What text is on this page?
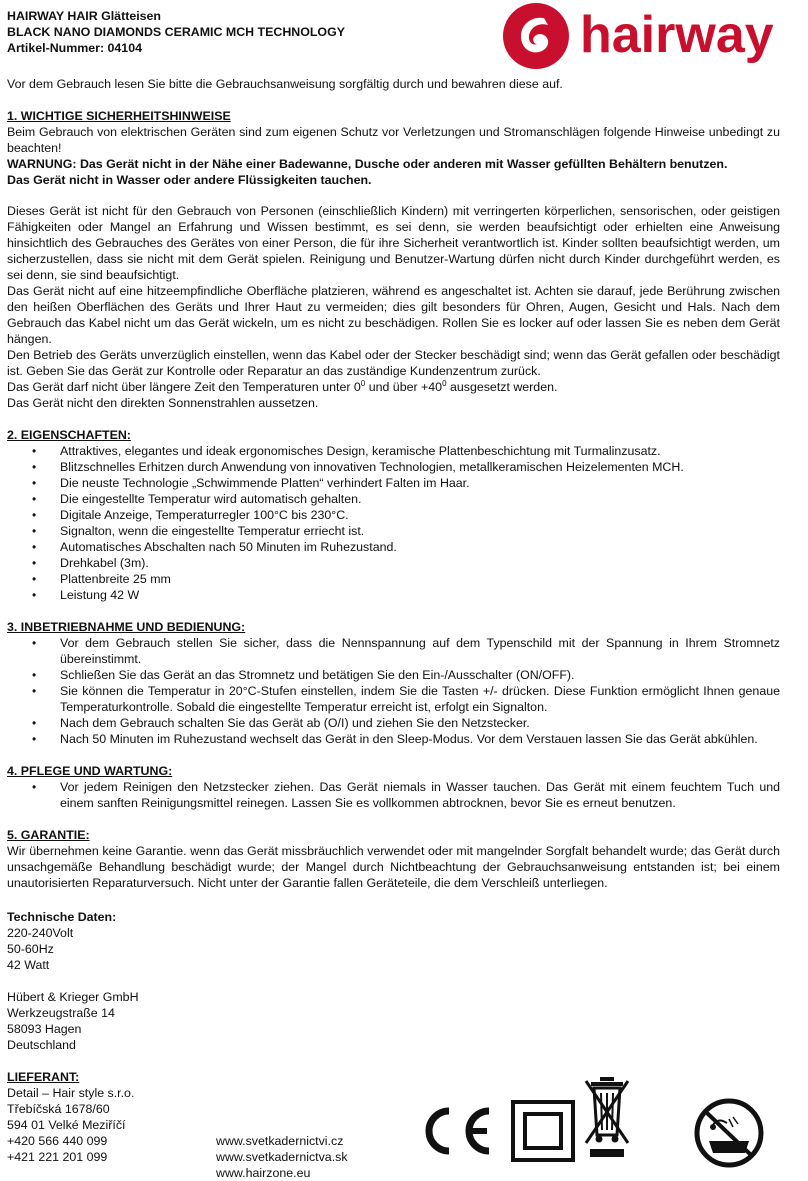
HAIRWAY HAIR Glätteisen
BLACK NANO DIAMONDS CERAMIC MCH TECHNOLOGY
Artikel-Nummer: 04104	hairway

Vor dem Gebrauch lesen Sie bitte die Gebrauchsanweisung sorgfältig durch und bewahren diese auf.

1. WICHTIGE SICHERHEITSHINWEISE

Beim Gebrauch von elektrischen Geräten sind zum eigenen Schutz vor Verletzungen und Stromanschlägen folgende Hinweise unbedingt zu beachten!

WARNUNG: Das Gerät nicht in der Nähe einer Badewanne, Dusche oder anderen mit Wasser gefüllten Behältern benutzen.

Das Gerät nicht in Wasser oder andere Flüssigkeiten tauchen.

Dieses Gerät ist nicht für den Gebrauch von Personen (einschließlich Kindern) mit verringerten körperlichen, sensorischen, oder geistigen Fähigkeiten oder Mangel an Erfahrung und Wissen bestimmt, es sei denn, sie werden beaufsichtigt oder erhielten eine Anweisung hinsichtlich des Gebrauches des Gerätes von einer Person, die für ihre Sicherheit verantwortlich ist. Kinder sollten beaufsichtigt werden, um sicherzustellen, dass sie nicht mit dem Gerät spielen. Reinigung und Benutzer-Wartung dürfen nicht durch Kinder durchgeführt werden, es sei denn, sie sind beaufsichtigt.

Das Gerät nicht auf eine hitzeempfindliche Oberfläche platzieren, während es angeschaltet ist. Achten sie darauf, jede Berührung zwischen den heißen Oberflächen des Geräts und Ihrer Haut zu vermeiden; dies gilt besonders für Ohren, Augen, Gesicht und Hals. Nach dem Gebrauch das Kabel nicht um das Gerät wickeln, um es nicht zu beschädigen. Rollen Sie es locker auf oder lassen Sie es neben dem Gerät hängen.

Den Betrieb des Geräts unverzüglich einstellen, wenn das Kabel oder der Stecker beschädigt sind; wenn das Gerät gefallen oder beschädigt ist. Geben Sie das Gerät zur Kontrolle oder Reparatur an das zuständige Kundenzentrum zurück.

Das Gerät darf nicht über längere Zeit den Temperaturen unter $0^0$ und über $+40^0$ ausgesetzt werden.

Das Gerät nicht den direkten Sonnenstrahlen aussetzen.

2. EIGENSCHAFTEN:
• Attraktives, elegantes und ideak ergonomisches Design, keramische Plattenbeschichtung mit Turmalinzusatz.
• Blitzschnelles Erhitzen durch Anwendung von innovativen Technologien, metallkeramischen Heizelementen MCH.
• Die neuste Technologie „Schwimmende Platten“ verhindert Falten im Haar.
• Die eingestellte Temperatur wird automatisch gehalten.
• Digitale Anzeige, Temperaturregler 100°C bis 230°C.
• Signalton, wenn die eingestellte Temperatur erriecht ist.
• Automatisches Abschalten nach 50 Minuten im Ruhezustand.
• Drehkabel (3m).
• Plattenbreite 25 mm
• Leistung 42 W
3. INBETRIEBNAHME UND BEDIENUNG:
• Vor dem Gebrauch stellen Sie sicher, dass die Nennspannung auf dem Typenschild mit der Spannung in Ihrem Stromnetz übereinstimmt.
• Schließen Sie das Gerät an das Stromnetz und betätigen Sie den Ein-/Ausschalter (ON/OFF).
• Sie können die Temperatur in 20°C-Stufen einstellen, indem Sie die Tasten +/- drücken. Diese Funktion ermöglicht Ihnen genaue Temperaturkontrolle. Sobald die eingestellte Temperatur erreicht ist, erfolgt ein Signalton.
• Nach dem Gebrauch schalten Sie das Gerät ab (O/I) und ziehen Sie den Netzstecker.
• Nach 50 Minuten im Ruhezustand wechselt das Gerät in den Sleep-Modus. Vor dem Verstauen lassen Sie das Gerät abkühlen.
4. PFLEGE UND WARTUNG:
• Vor jedem Reinigen den Netzstecker ziehen. Das Gerät niemals in Wasser tauchen. Das Gerät mit einem feuchtem Tuch und einem sanften Reinigungsmittel reinegen. Lassen Sie es vollkommen abtrocknen, bevor Sie es erneut benutzen.
5. GARANTIE:

Wir übernehmen keine Garantie. wenn das Gerät missbräuchlich verwendet oder mit mangelnder Sorgfalt behandelt wurde; das Gerät durch unsachgemäße Behandlung beschädigt wurde; der Mangel durch Nichtbeachtung der Gebrauchsanweisung entstanden ist; bei einem unautorisierten Reparaturversuch. Nicht unter der Garantie fallen Geräteteile, die dem Verschleiß unterliegen.

Technische Daten:
220-240Volt
50-60Hz
42 Watt
Hübert & Krieger GmbH
Werkzeugstraße 14
58093 Hagen
Deutschland
LIEFERANT:
Detail – Hair style s.r.o.
Třebíčská 1678/60
594 01 Velké Meziříčí
+420 566 440 099
+421 221 201 099
www.svetkadernictvi.cz
www.svetkadernictva.sk
www.hairzone.eu
